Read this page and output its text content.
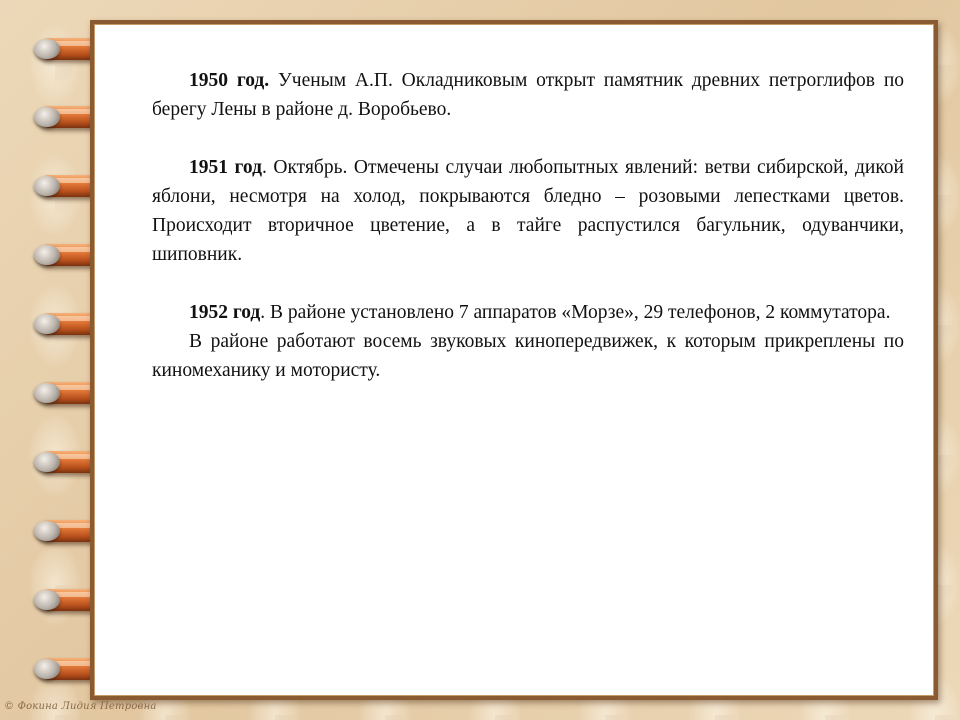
1950 год. Ученым А.П. Окладниковым открыт памятник древних петроглифов по берегу Лены в районе д. Воробьево.

1951 год. Октябрь. Отмечены случаи любопытных явлений: ветви сибирской, дикой яблони, несмотря на холод, покрываются бледно – розовыми лепестками цветов. Происходит вторичное цветение, а в тайге распустился багульник, одуванчики, шиповник.

1952 год. В районе установлено 7 аппаратов «Морзе», 29 телефонов, 2 коммутатора.

В районе работают восемь звуковых кинопередвижек, к которым прикреплены по киномеханику и мотористу.

© Фокина Лидия Петровна
